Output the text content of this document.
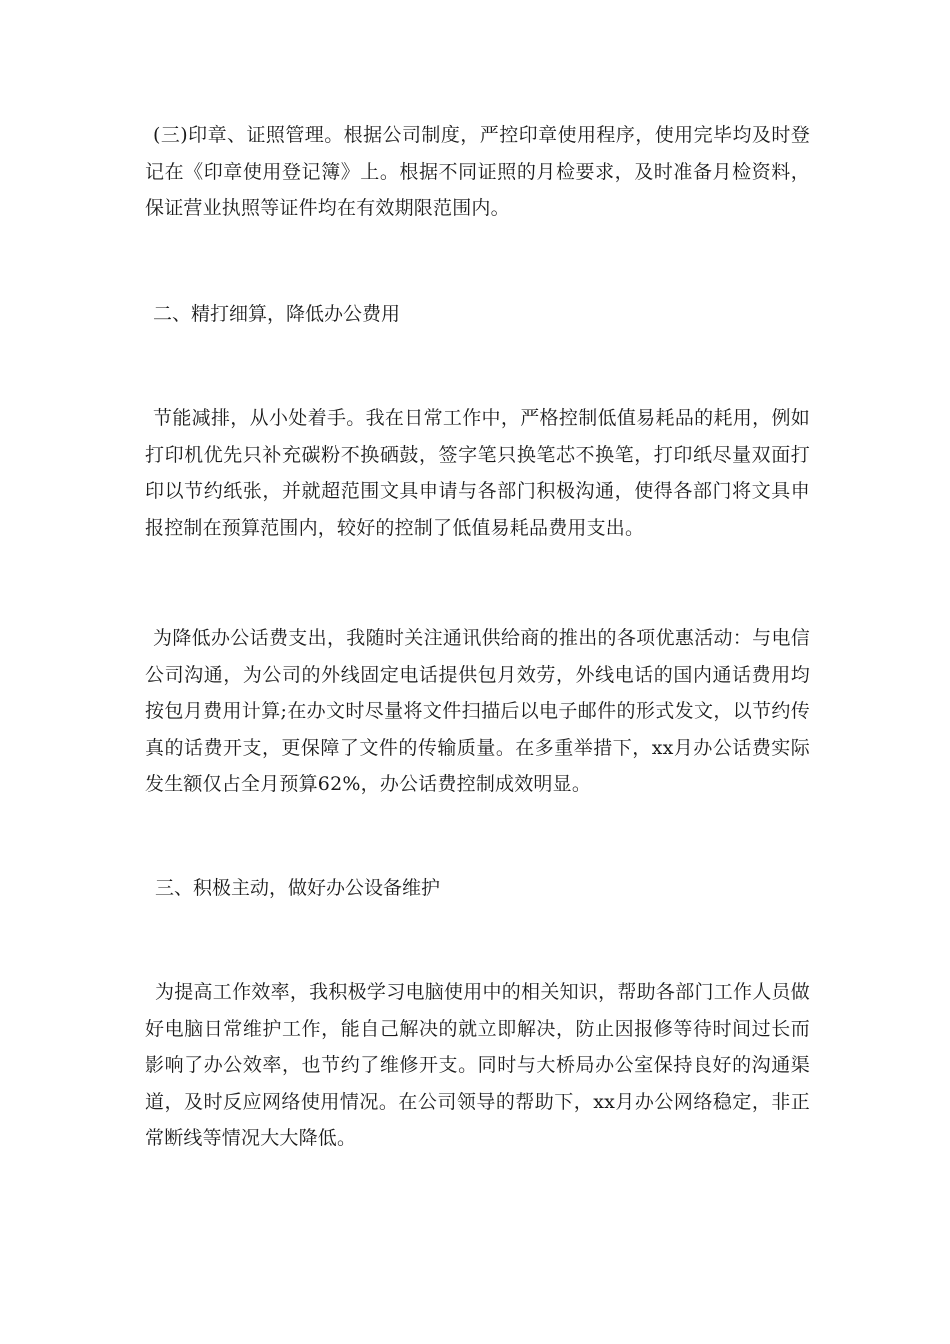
(三)印章、证照管理。根据公司制度，严控印章使用程序，使用完毕均及时登记在《印章使用登记簿》上。根据不同证照的月检要求，及时准备月检资料，保证营业执照等证件均在有效期限范围内。

二、精打细算，降低办公费用

节能减排，从小处着手。我在日常工作中，严格控制低值易耗品的耗用，例如打印机优先只补充碳粉不换硒鼓，签字笔只换笔芯不换笔，打印纸尽量双面打印以节约纸张，并就超范围文具申请与各部门积极沟通，使得各部门将文具申报控制在预算范围内，较好的控制了低值易耗品费用支出。

为降低办公话费支出，我随时关注通讯供给商的推出的各项优惠活动：与电信公司沟通，为公司的外线固定电话提供包月效劳，外线电话的国内通话费用均按包月费用计算;在办文时尽量将文件扫描后以电子邮件的形式发文，以节约传真的话费开支，更保障了文件的传输质量。在多重举措下，xx月办公话费实际发生额仅占全月预算62%，办公话费控制成效明显。

三、积极主动，做好办公设备维护

为提高工作效率，我积极学习电脑使用中的相关知识，帮助各部门工作人员做好电脑日常维护工作，能自己解决的就立即解决，防止因报修等待时间过长而影响了办公效率，也节约了维修开支。同时与大桥局办公室保持良好的沟通渠道，及时反应网络使用情况。在公司领导的帮助下，xx月办公网络稳定，非正常断线等情况大大降低。
